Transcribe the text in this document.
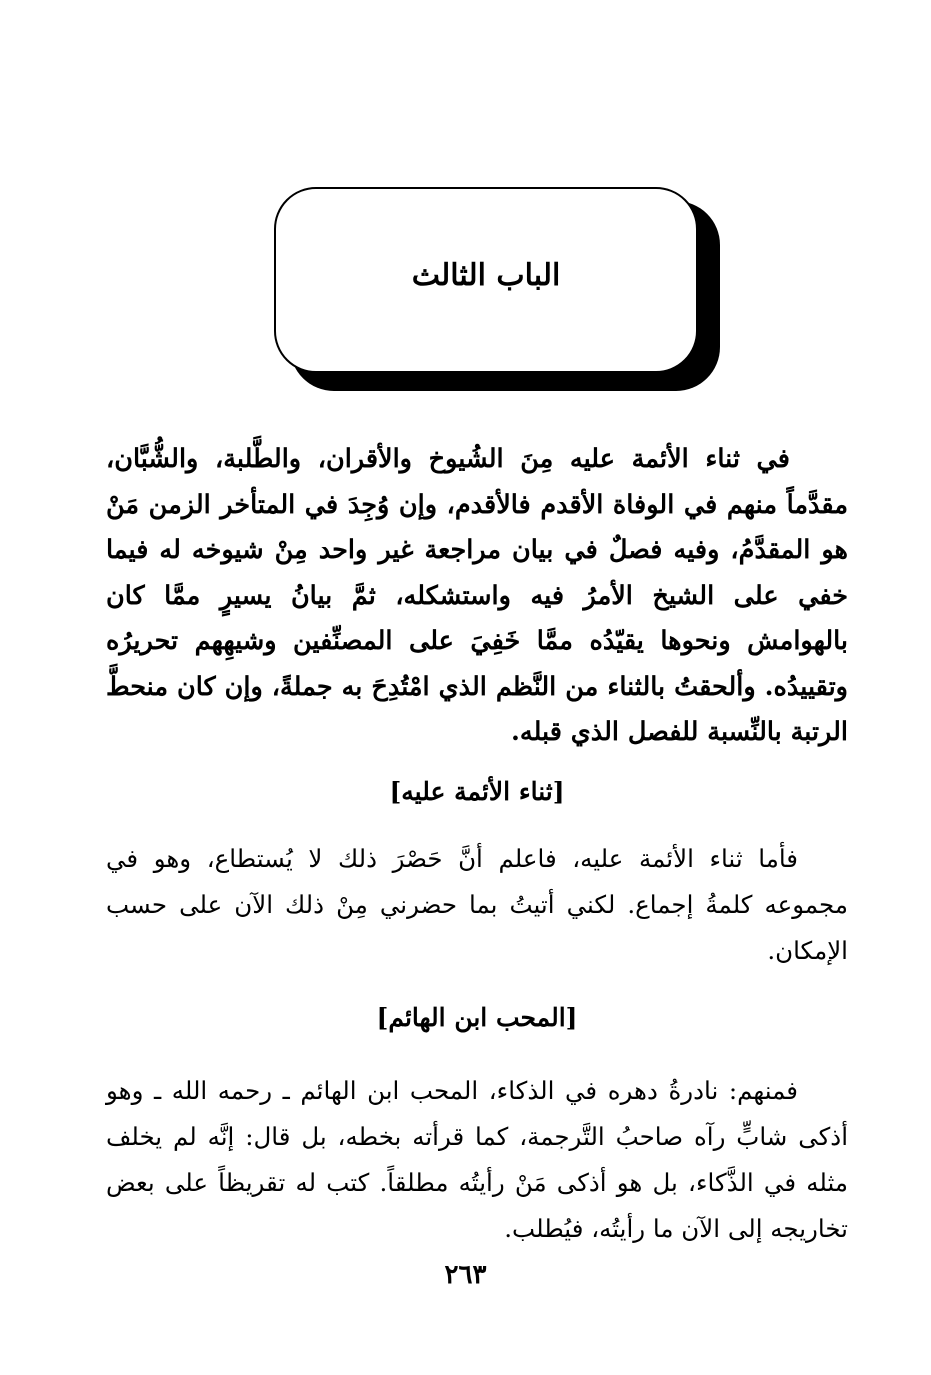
الباب الثالث

في ثناء الأئمة عليه مِنَ الشُيوخ والأقران، والطَّلبة، والشُّبَّان، مقدَّماً منهم في الوفاة الأقدم فالأقدم، وإن وُجِدَ في المتأخر الزمن مَنْ هو المقدَّمُ، وفيه فصلٌ في بيان مراجعة غير واحد مِنْ شيوخه له فيما خفي على الشيخ الأمرُ فيه واستشكله، ثمَّ بيانُ يسيرٍ ممَّا كان بالهوامش ونحوها يقيّدُه ممَّا خَفِيَ على المصنِّفين وشيهِهم تحريرُه وتقييدُه. وألحقتُ بالثناء من النَّظم الذي امْتُدِحَ به جملةً، وإن كان منحطَّ الرتبة بالنِّسبة للفصل الذي قبله.

[ثناء الأئمة عليه]

فأما ثناء الأئمة عليه، فاعلم أنَّ حَصْرَ ذلك لا يُستطاع، وهو في مجموعه كلمةُ إجماع. لكني أتيتُ بما حضرني مِنْ ذلك الآن على حسب الإمكان.

[المحب ابن الهائم]

فمنهم: نادرةُ دهره في الذكاء، المحب ابن الهائم ـ رحمه الله ـ وهو أذكى شابٍّ رآه صاحبُ التَّرجمة، كما قرأته بخطه، بل قال: إنَّه لم يخلف مثله في الذَّكاء، بل هو أذكى مَنْ رأيتُه مطلقاً. كتب له تقريظاً على بعض تخاريجه إلى الآن ما رأيتُه، فيُطلب.

٢٦٣
